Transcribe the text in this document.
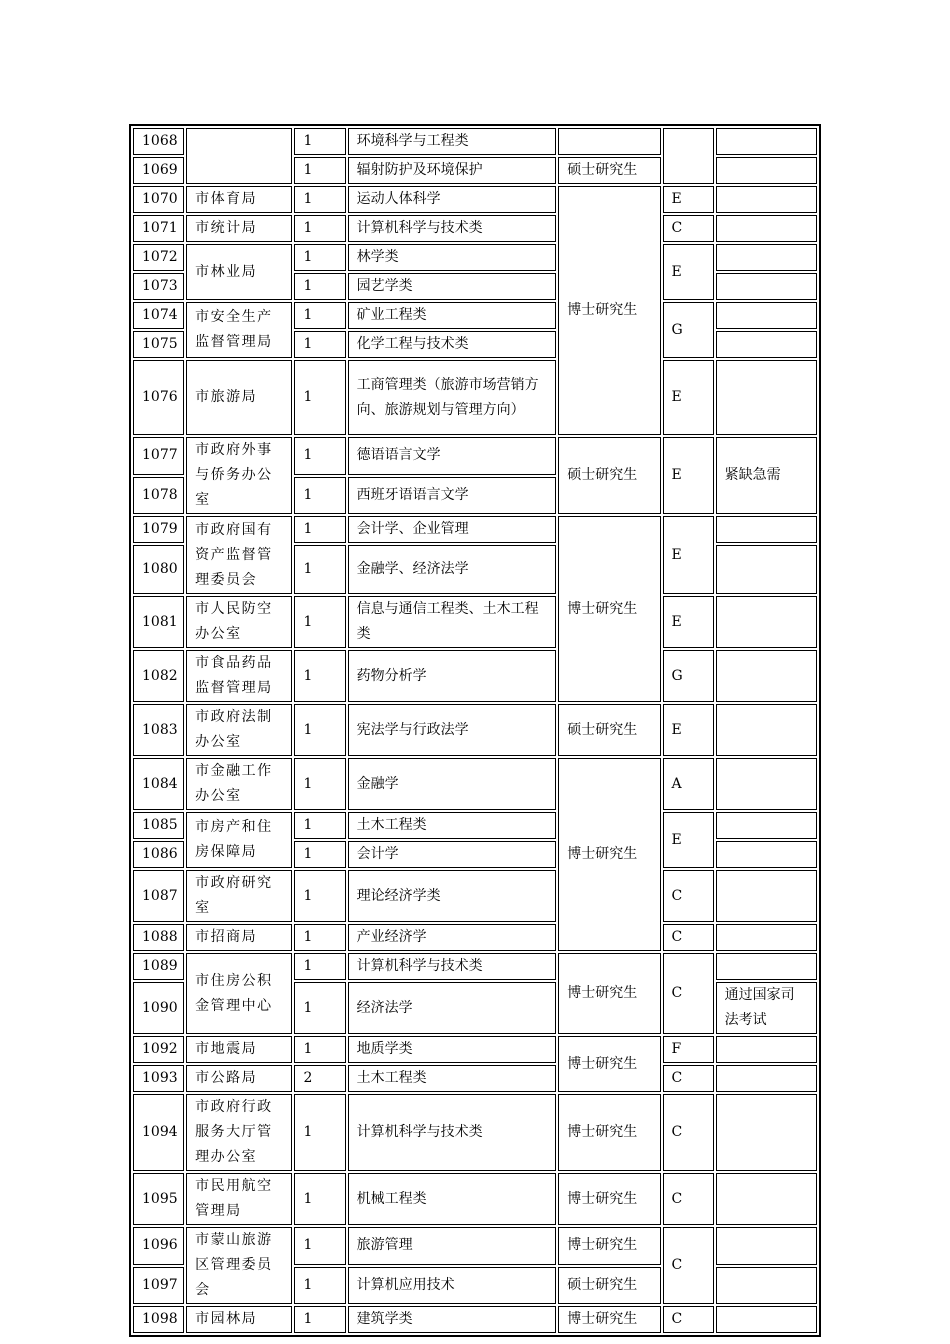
1068		1	环境科学与工程类			
1069		1	辐射防护及环境保护	硕士研究生		
1070	市体育局	1	运动人体科学	博士研究生	E	
1071	市统计局	1	计算机科学与技术类		C	
1072	市林业局	1	林学类		E	
1073		1	园艺学类			
1074	市安全生产监督管理局	1	矿业工程类		G	
1075		1	化学工程与技术类			
1076	市旅游局	1	工商管理类（旅游市场营销方向、旅游规划与管理方向）		E	
1077	市政府外事与侨务办公室	1	德语语言文学	硕士研究生	E	紧缺急需
1078		1	西班牙语语言文学			
1079	市政府国有资产监督管理委员会	1	会计学、企业管理	博士研究生	E	
1080		1	金融学、经济法学			
1081	市人民防空办公室	1	信息与通信工程类、土木工程类		E	
1082	市食品药品监督管理局	1	药物分析学		G	
1083	市政府法制办公室	1	宪法学与行政法学	硕士研究生	E	
1084	市金融工作办公室	1	金融学	博士研究生	A	
1085	市房产和住房保障局	1	土木工程类		E	
1086		1	会计学			
1087	市政府研究室	1	理论经济学类		C	
1088	市招商局	1	产业经济学		C	
1089	市住房公积金管理中心	1	计算机科学与技术类	博士研究生	C	
1090		1	经济法学			通过国家司法考试
1092	市地震局	1	地质学类	博士研究生	F	
1093	市公路局	2	土木工程类		C	
1094	市政府行政服务大厅管理办公室	1	计算机科学与技术类	博士研究生	C	
1095	市民用航空管理局	1	机械工程类	博士研究生	C	
1096	市蒙山旅游区管理委员会	1	旅游管理	博士研究生	C	
1097		1	计算机应用技术	硕士研究生		
1098	市园林局	1	建筑学类	博士研究生	C	
